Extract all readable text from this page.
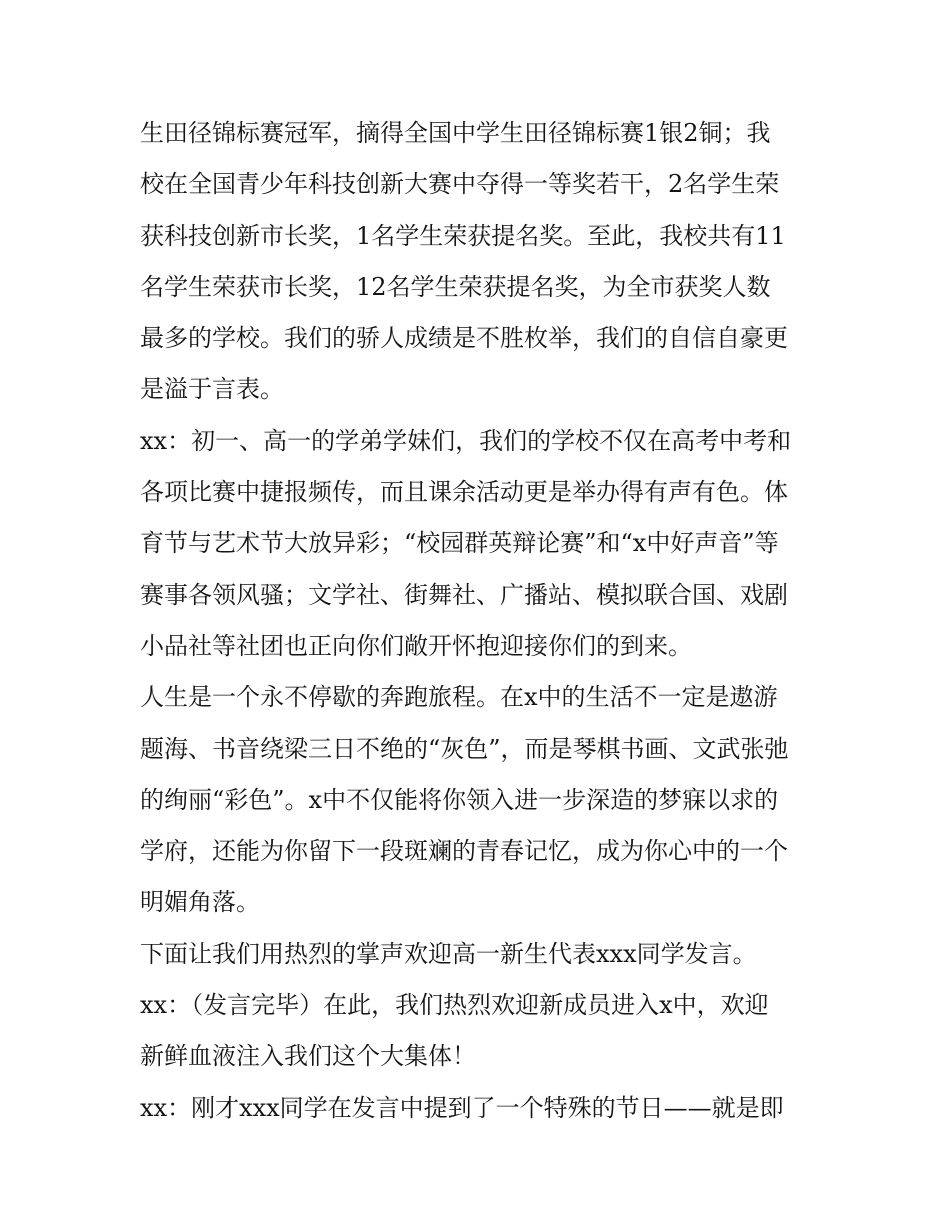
生田径锦标赛冠军，摘得全国中学生田径锦标赛1银2铜；我
校在全国青少年科技创新大赛中夺得一等奖若干，2名学生荣
获科技创新市长奖，1名学生荣获提名奖。至此，我校共有11
名学生荣获市长奖，12名学生荣获提名奖，为全市获奖人数
最多的学校。我们的骄人成绩是不胜枚举，我们的自信自豪更
是溢于言表。
xx：初一、高一的学弟学妹们，我们的学校不仅在高考中考和
各项比赛中捷报频传，而且课余活动更是举办得有声有色。体
育节与艺术节大放异彩；“校园群英辩论赛”和“x中好声音”等
赛事各领风骚；文学社、街舞社、广播站、模拟联合国、戏剧
小品社等社团也正向你们敞开怀抱迎接你们的到来。
人生是一个永不停歇的奔跑旅程。在x中的生活不一定是遨游
题海、书音绕梁三日不绝的“灰色”，而是琴棋书画、文武张弛
的绚丽“彩色”。x中不仅能将你领入进一步深造的梦寐以求的
学府，还能为你留下一段斑斓的青春记忆，成为你心中的一个
明媚角落。
下面让我们用热烈的掌声欢迎高一新生代表xxx同学发言。
xx：（发言完毕）在此，我们热烈欢迎新成员进入x中，欢迎
新鲜血液注入我们这个大集体！
xx：刚才xxx同学在发言中提到了一个特殊的节日——就是即
